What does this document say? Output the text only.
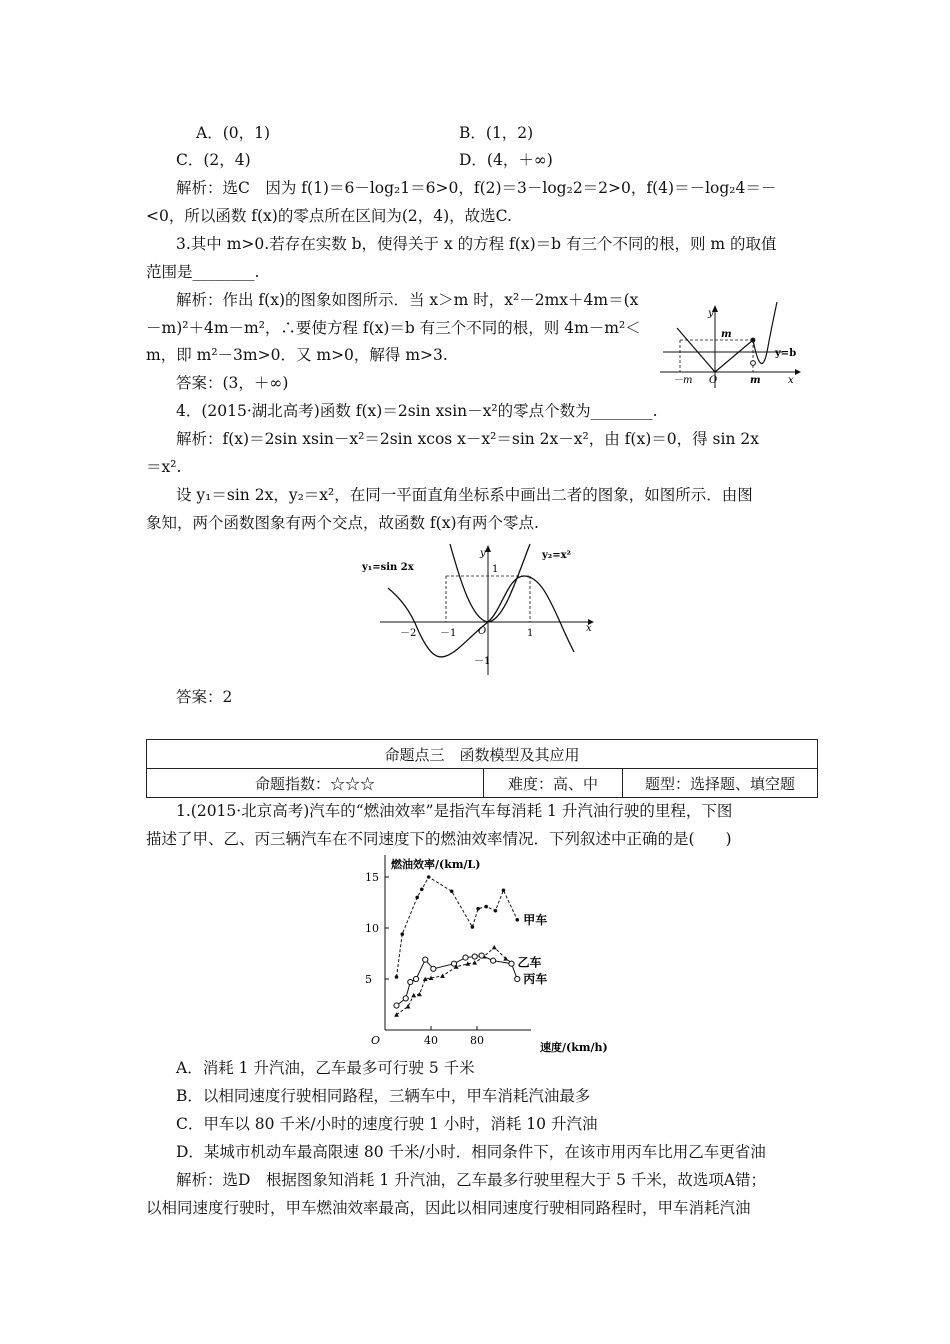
A．(0，1)	B．(1，2)
C．(2，4)	D．(4，＋∞)
解析：选C　因为 f(1)＝6－log₂1＝6>0，f(2)＝3－log₂2＝2>0，f(4)＝－log₂4＝－
<0，所以函数 f(x)的零点所在区间为(2，4)，故选C.
3.其中 m>0.若存在实数 b，使得关于 x 的方程 f(x)＝b 有三个不同的根，则 m 的取值
范围是________.
解析：作出 f(x)的图象如图所示．当 x＞m 时，x²－2mx＋4m＝(x
－m)²＋4m－m²，∴要使方程 f(x)＝b 有三个不同的根，则 4m－m²＜
m，即 m²－3m>0．又 m>0，解得 m>3.
答案：(3，＋∞)
y
m
－m O	m	x
y=b
4．(2015·湖北高考)函数 f(x)＝2sin xsin－x²的零点个数为________.
解析：f(x)＝2sin xsin－x²＝2sin xcos x－x²＝sin 2x－x²，由 f(x)＝0，得 sin 2x
＝x².
设 y₁＝sin 2x，y₂＝x²，在同一平面直角坐标系中画出二者的图象，如图所示．由图
象知，两个函数图象有两个交点，故函数 f(x)有两个零点.
y
x
y₁=sin 2x
y₂=x²
1
－1
－2	1
O
－1
答案：2
命题点三　函数模型及其应用
命题指数：☆☆☆	难度：高、中	题型：选择题、填空题
1.(2015·北京高考)汽车的“燃油效率”是指汽车每消耗 1 升汽油行驶的里程，下图
描述了甲、乙、丙三辆汽车在不同速度下的燃油效率情况．下列叙述中正确的是(　　)
燃油效率/(km/L)
速度/(km/h)
O
5
10
15
40	80
甲车
乙车
丙车
A．消耗 1 升汽油，乙车最多可行驶 5 千米
B．以相同速度行驶相同路程，三辆车中，甲车消耗汽油最多
C．甲车以 80 千米/小时的速度行驶 1 小时，消耗 10 升汽油
D．某城市机动车最高限速 80 千米/小时．相同条件下，在该市用丙车比用乙车更省油
解析：选D　根据图象知消耗 1 升汽油，乙车最多行驶里程大于 5 千米，故选项A错；
以相同速度行驶时，甲车燃油效率最高，因此以相同速度行驶相同路程时，甲车消耗汽油
